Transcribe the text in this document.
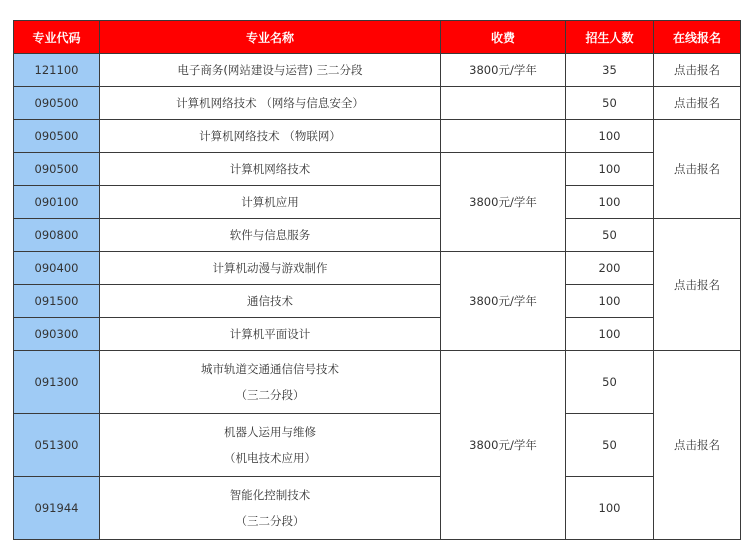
专业代码	专业名称	收费	招生人数	在线报名
121100	电子商务(网站建设与运营) 三二分段	3800元/学年	35	点击报名
090500	计算机网络技术 （网络与信息安全）		50	点击报名
090500	计算机网络技术 （物联网）		100	点击报名
090500	计算机网络技术	3800元/学年	100	
090100	计算机应用		100	
090800	软件与信息服务		50	点击报名
090400	计算机动漫与游戏制作	3800元/学年	200	
091500	通信技术		100	
090300	计算机平面设计		100	
091300	城市轨道交通通信信号技术
（三二分段）	3800元/学年	50	点击报名
051300	机器人运用与维修
（机电技术应用）		50	
091944	智能化控制技术
（三二分段）		100	
